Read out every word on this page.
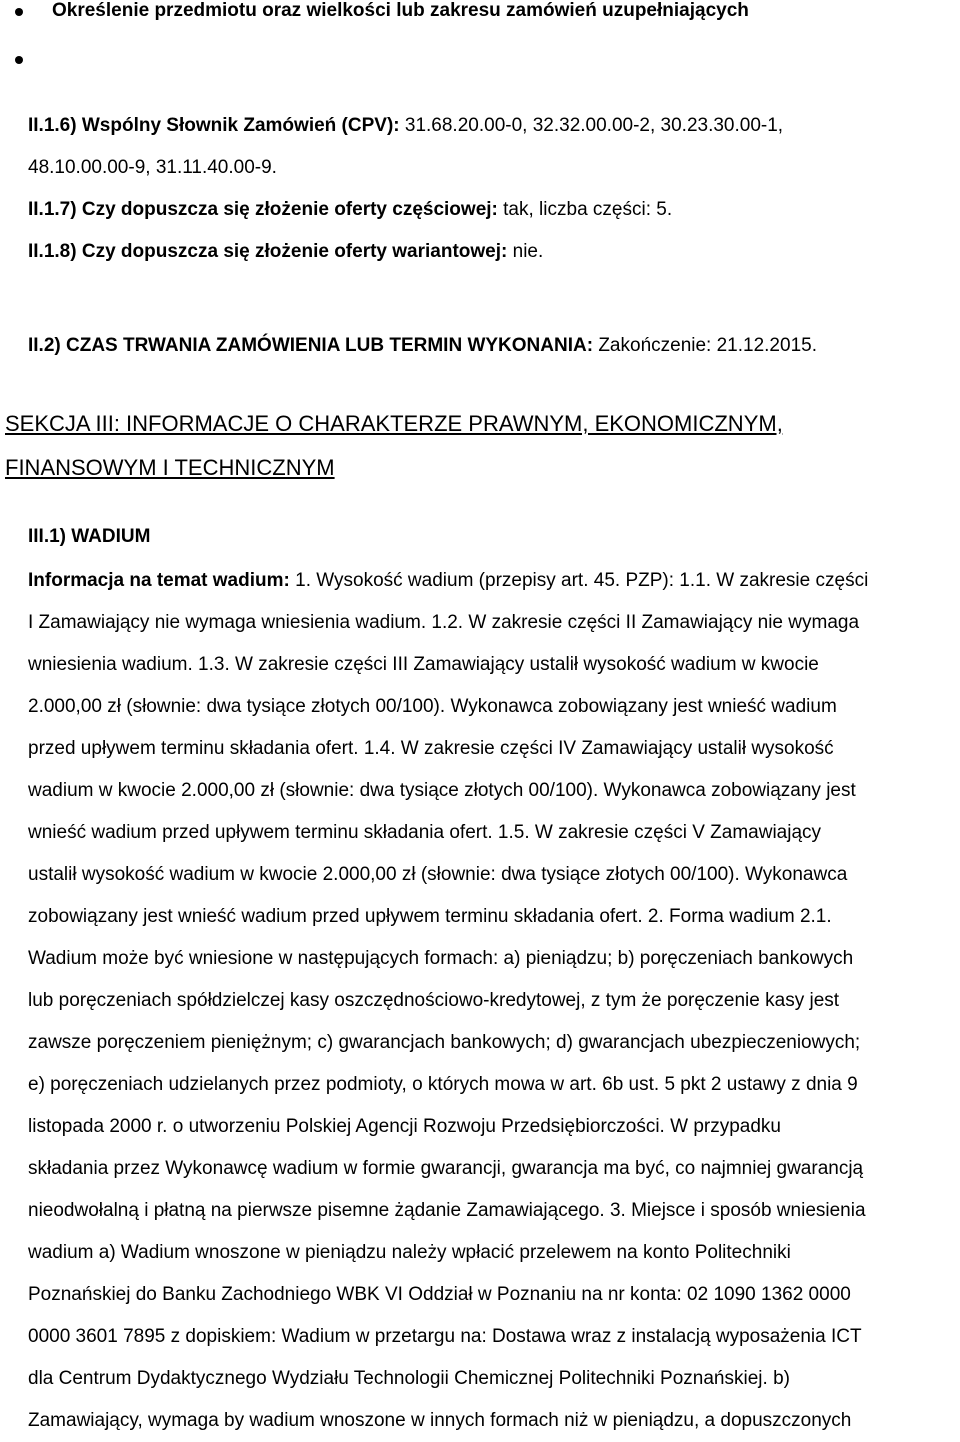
Określenie przedmiotu oraz wielkości lub zakresu zamówień uzupełniających
II.1.6) Wspólny Słownik Zamówień (CPV): 31.68.20.00-0, 32.32.00.00-2, 30.23.30.00-1,
48.10.00.00-9, 31.11.40.00-9.
II.1.7) Czy dopuszcza się złożenie oferty częściowej: tak, liczba części: 5.
II.1.8) Czy dopuszcza się złożenie oferty wariantowej: nie.
II.2) CZAS TRWANIA ZAMÓWIENIA LUB TERMIN WYKONANIA: Zakończenie: 21.12.2015.
SEKCJA III: INFORMACJE O CHARAKTERZE PRAWNYM, EKONOMICZNYM,
FINANSOWYM I TECHNICZNYM
III.1) WADIUM
Informacja na temat wadium: 1. Wysokość wadium (przepisy art. 45. PZP): 1.1. W zakresie części
I Zamawiający nie wymaga wniesienia wadium. 1.2. W zakresie części II Zamawiający nie wymaga
wniesienia wadium. 1.3. W zakresie części III Zamawiający ustalił wysokość wadium w kwocie
2.000,00 zł (słownie: dwa tysiące złotych 00/100). Wykonawca zobowiązany jest wnieść wadium
przed upływem terminu składania ofert. 1.4. W zakresie części IV Zamawiający ustalił wysokość
wadium w kwocie 2.000,00 zł (słownie: dwa tysiące złotych 00/100). Wykonawca zobowiązany jest
wnieść wadium przed upływem terminu składania ofert. 1.5. W zakresie części V Zamawiający
ustalił wysokość wadium w kwocie 2.000,00 zł (słownie: dwa tysiące złotych 00/100). Wykonawca
zobowiązany jest wnieść wadium przed upływem terminu składania ofert. 2. Forma wadium 2.1.
Wadium może być wniesione w następujących formach: a) pieniądzu; b) poręczeniach bankowych
lub poręczeniach spółdzielczej kasy oszczędnościowo-kredytowej, z tym że poręczenie kasy jest
zawsze poręczeniem pieniężnym; c) gwarancjach bankowych; d) gwarancjach ubezpieczeniowych;
e) poręczeniach udzielanych przez podmioty, o których mowa w art. 6b ust. 5 pkt 2 ustawy z dnia 9
listopada 2000 r. o utworzeniu Polskiej Agencji Rozwoju Przedsiębiorczości. W przypadku
składania przez Wykonawcę wadium w formie gwarancji, gwarancja ma być, co najmniej gwarancją
nieodwołalną i płatną na pierwsze pisemne żądanie Zamawiającego. 3. Miejsce i sposób wniesienia
wadium a) Wadium wnoszone w pieniądzu należy wpłacić przelewem na konto Politechniki
Poznańskiej do Banku Zachodniego WBK VI Oddział w Poznaniu na nr konta: 02 1090 1362 0000
0000 3601 7895 z dopiskiem: Wadium w przetargu na: Dostawa wraz z instalacją wyposażenia ICT
dla Centrum Dydaktycznego Wydziału Technologii Chemicznej Politechniki Poznańskiej. b)
Zamawiający, wymaga by wadium wnoszone w innych formach niż w pieniądzu, a dopuszczonych
